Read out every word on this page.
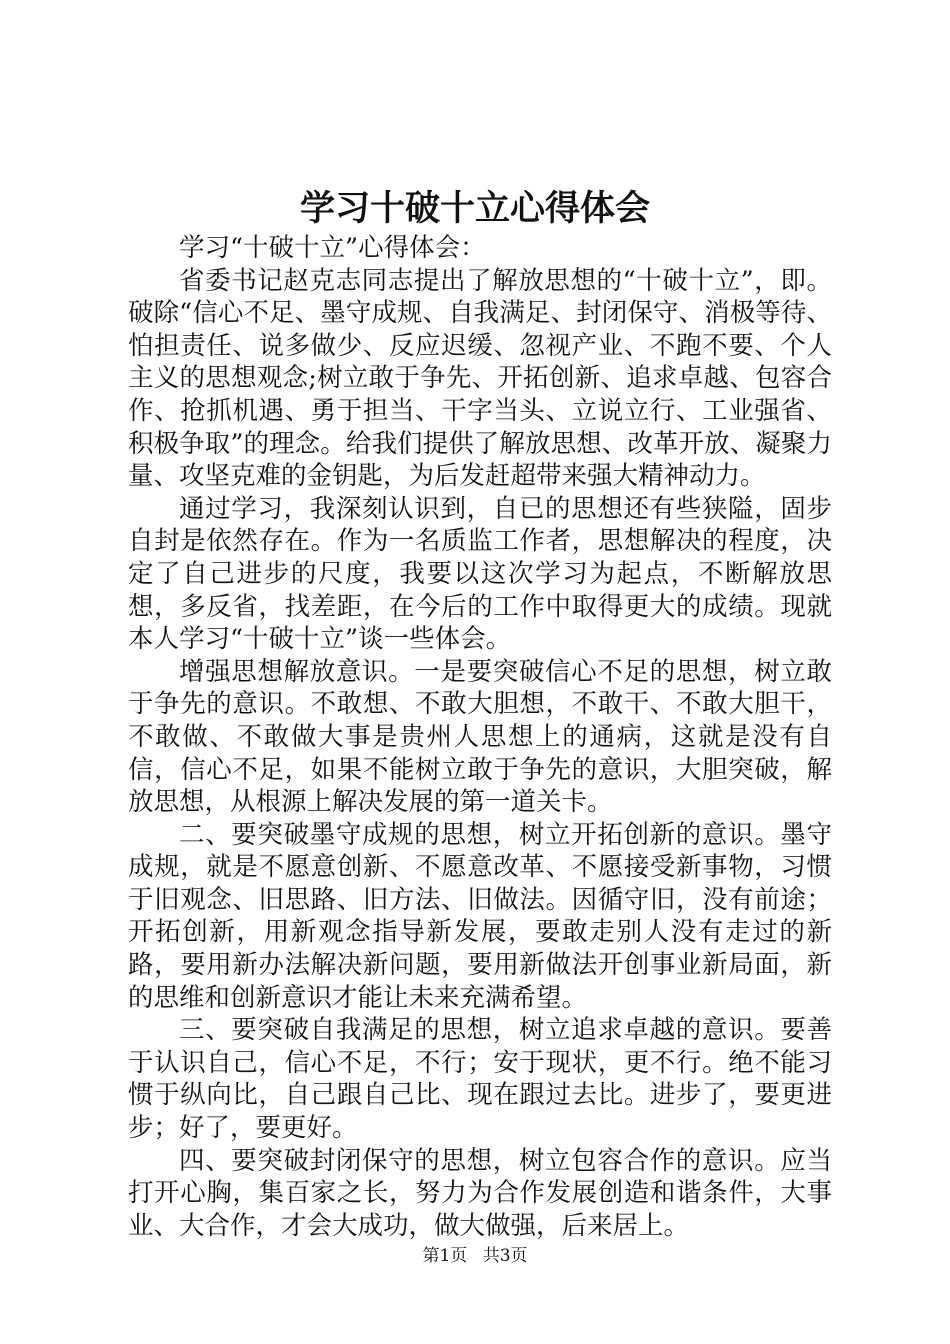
学习十破十立心得体会

学习“十破十立”心得体会：

省委书记赵克志同志提出了解放思想的“十破十立”，即。破除“信心不足、墨守成规、自我满足、封闭保守、消极等待、怕担责任、说多做少、反应迟缓、忽视产业、不跑不要、个人主义的思想观念;树立敢于争先、开拓创新、追求卓越、包容合作、抢抓机遇、勇于担当、干字当头、立说立行、工业强省、积极争取”的理念。给我们提供了解放思想、改革开放、凝聚力量、攻坚克难的金钥匙，为后发赶超带来强大精神动力。

通过学习，我深刻认识到，自已的思想还有些狭隘，固步自封是依然存在。作为一名质监工作者，思想解决的程度，决定了自己进步的尺度，我要以这次学习为起点，不断解放思想，多反省，找差距，在今后的工作中取得更大的成绩。现就本人学习“十破十立”谈一些体会。

增强思想解放意识。一是要突破信心不足的思想，树立敢于争先的意识。不敢想、不敢大胆想，不敢干、不敢大胆干，不敢做、不敢做大事是贵州人思想上的通病，这就是没有自信，信心不足，如果不能树立敢于争先的意识，大胆突破，解放思想，从根源上解决发展的第一道关卡。

二、要突破墨守成规的思想，树立开拓创新的意识。墨守成规，就是不愿意创新、不愿意改革、不愿接受新事物，习惯于旧观念、旧思路、旧方法、旧做法。因循守旧，没有前途；开拓创新，用新观念指导新发展，要敢走别人没有走过的新路，要用新办法解决新问题，要用新做法开创事业新局面，新的思维和创新意识才能让未来充满希望。

三、要突破自我满足的思想，树立追求卓越的意识。要善于认识自己，信心不足，不行；安于现状，更不行。绝不能习惯于纵向比，自己跟自己比、现在跟过去比。进步了，要更进步；好了，要更好。

四、要突破封闭保守的思想，树立包容合作的意识。应当打开心胸，集百家之长，努力为合作发展创造和谐条件，大事业、大合作，才会大成功，做大做强，后来居上。

第1页 共3页
